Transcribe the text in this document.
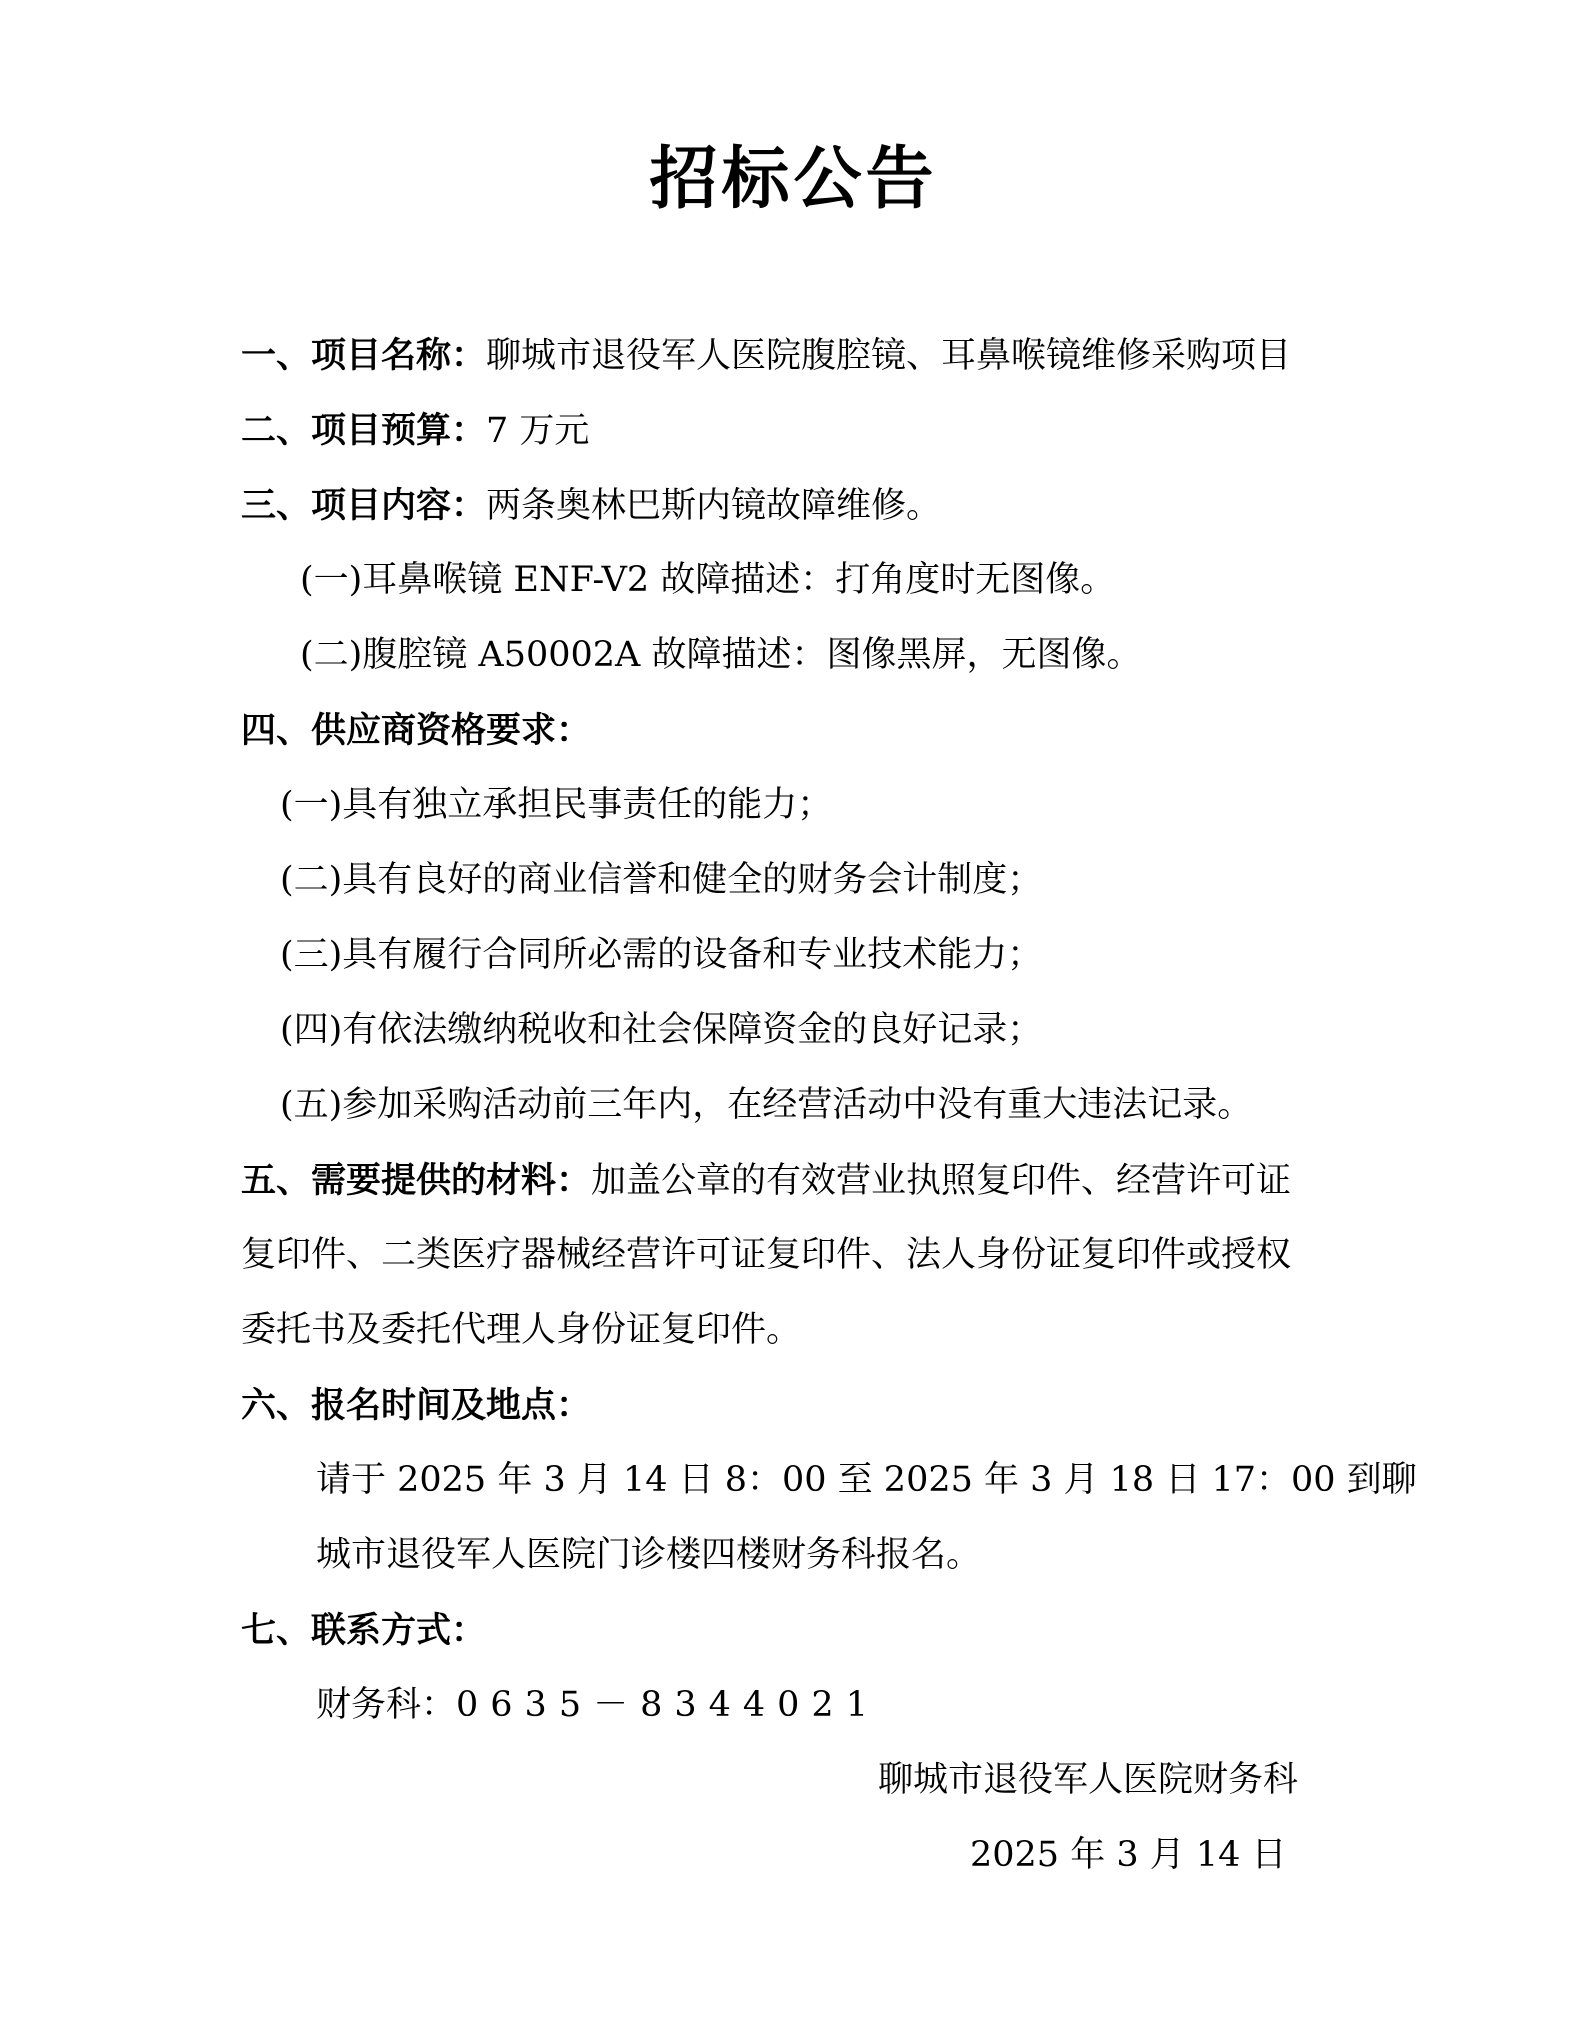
招标公告
一、项目名称：聊城市退役军人医院腹腔镜、耳鼻喉镜维修采购项目
二、项目预算：7 万元
三、项目内容：两条奥林巴斯内镜故障维修。
(一)耳鼻喉镜 ENF-V2 故障描述：打角度时无图像。
(二)腹腔镜 A50002A 故障描述：图像黑屏，无图像。
四、供应商资格要求：
(一)具有独立承担民事责任的能力；
(二)具有良好的商业信誉和健全的财务会计制度；
(三)具有履行合同所必需的设备和专业技术能力；
(四)有依法缴纳税收和社会保障资金的良好记录；
(五)参加采购活动前三年内，在经营活动中没有重大违法记录。
五、需要提供的材料：加盖公章的有效营业执照复印件、经营许可证
复印件、二类医疗器械经营许可证复印件、法人身份证复印件或授权
委托书及委托代理人身份证复印件。
六、报名时间及地点：
请于 2025 年 3 月 14 日 8：00 至 2025 年 3 月 18 日 17：00 到聊
城市退役军人医院门诊楼四楼财务科报名。
七、联系方式：
财务科：0635－8344021
聊城市退役军人医院财务科
2025 年 3 月 14 日
